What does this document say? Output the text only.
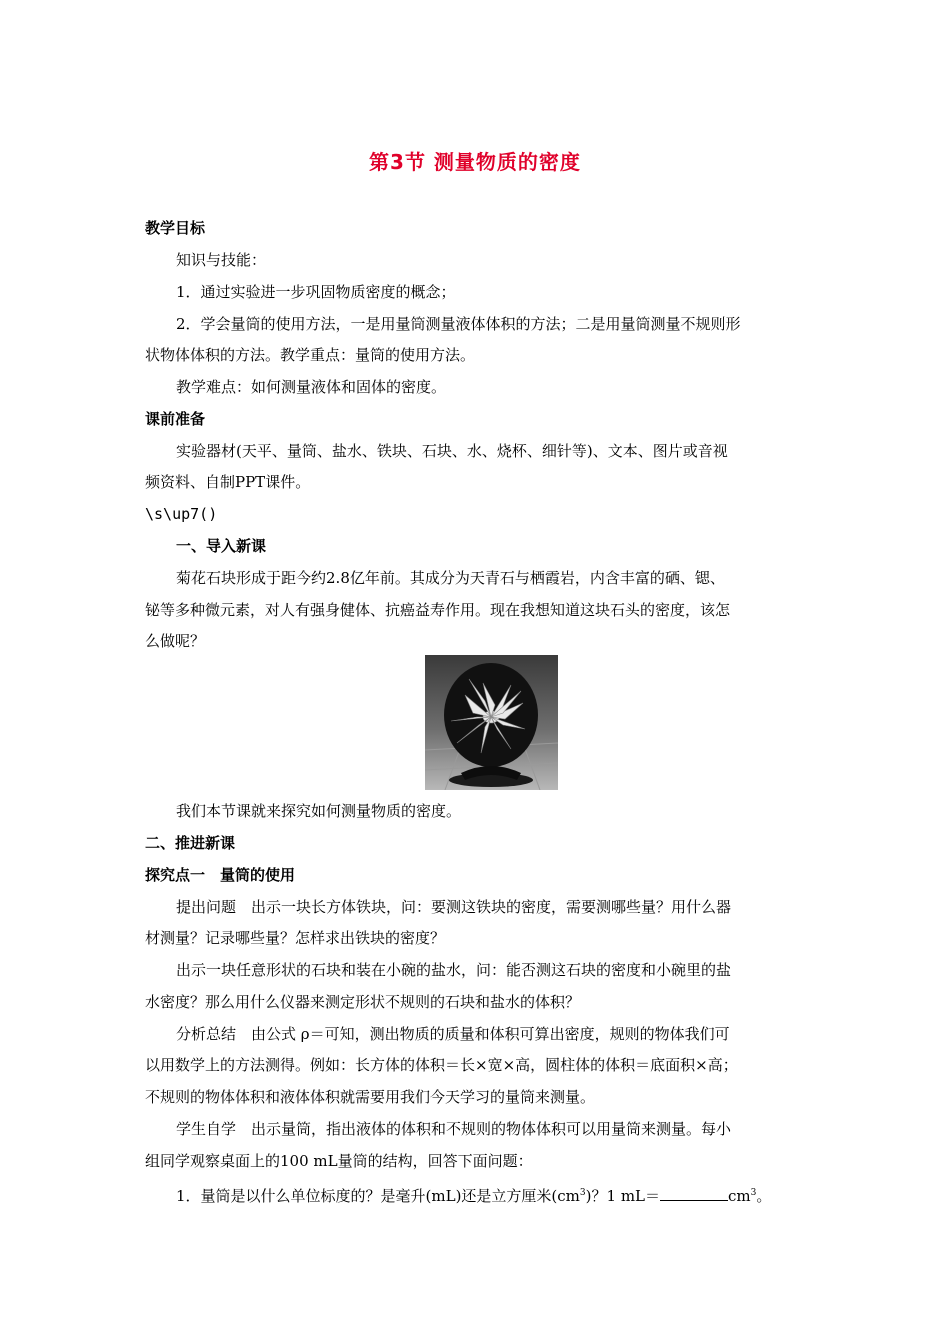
第3节 测量物质的密度
教学目标
知识与技能：
1．通过实验进一步巩固物质密度的概念；
2．学会量筒的使用方法，一是用量筒测量液体体积的方法；二是用量筒测量不规则形
状物体体积的方法。教学重点：量筒的使用方法。
教学难点：如何测量液体和固体的密度。
课前准备
实验器材(天平、量筒、盐水、铁块、石块、水、烧杯、细针等)、文本、图片或音视
频资料、自制PPT课件。
\s\up7()
一、导入新课
菊花石块形成于距今约2.8亿年前。其成分为天青石与栖霞岩，内含丰富的硒、锶、
铋等多种微元素，对人有强身健体、抗癌益寿作用。现在我想知道这块石头的密度，该怎
么做呢？
我们本节课就来探究如何测量物质的密度。
二、推进新课
探究点一　量筒的使用
提出问题　出示一块长方体铁块，问：要测这铁块的密度，需要测哪些量？用什么器
材测量？记录哪些量？怎样求出铁块的密度？
出示一块任意形状的石块和装在小碗的盐水，问：能否测这石块的密度和小碗里的盐
水密度？那么用什么仪器来测定形状不规则的石块和盐水的体积？
分析总结　由公式 ρ＝可知，测出物质的质量和体积可算出密度，规则的物体我们可
以用数学上的方法测得。例如：长方体的体积＝长×宽×高，圆柱体的体积＝底面积×高；
不规则的物体体积和液体体积就需要用我们今天学习的量筒来测量。
学生自学　出示量筒，指出液体的体积和不规则的物体体积可以用量筒来测量。每小
组同学观察桌面上的100 mL量筒的结构，回答下面问题：
1．量筒是以什么单位标度的？是毫升(mL)还是立方厘米$(cm^3)$？1 mL＝	$cm^3$。
